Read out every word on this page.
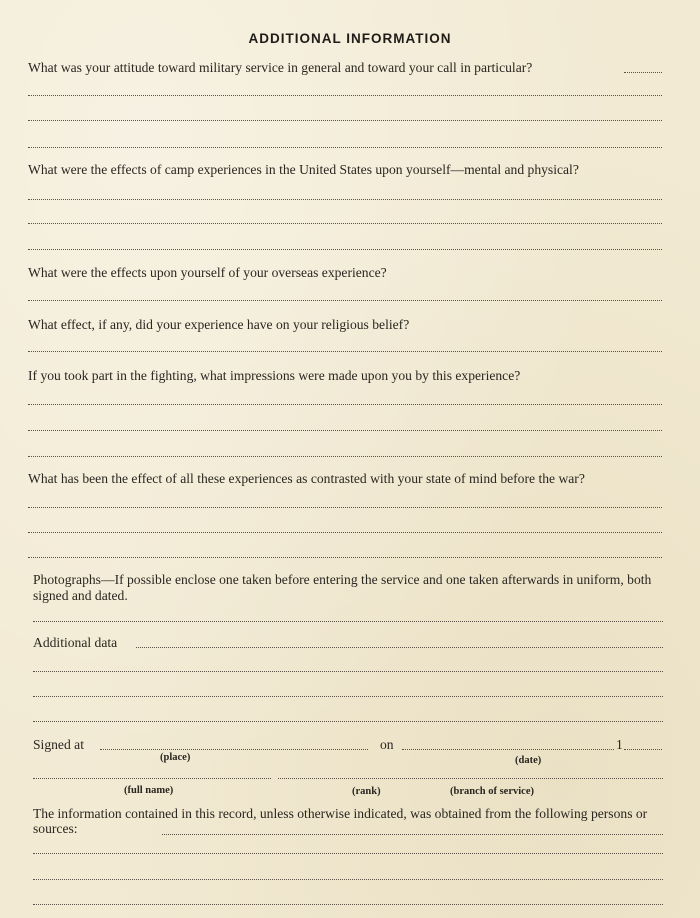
ADDITIONAL INFORMATION
What was your attitude toward military service in general and toward your call in particular?
What were the effects of camp experiences in the United States upon yourself—mental and physical?
What were the effects upon yourself of your overseas experience?
What effect, if any, did your experience have on your religious belief?
If you took part in the fighting, what impressions were made upon you by this experience?
What has been the effect of all these experiences as contrasted with your state of mind before the war?
Photographs—If possible enclose one taken before entering the service and one taken afterwards in uniform, both signed and dated.
Additional data
Signed at	on	1
(place)	(date)
(full name)	(rank)	(branch of service)
The information contained in this record, unless otherwise indicated, was obtained from the following persons or sources:
